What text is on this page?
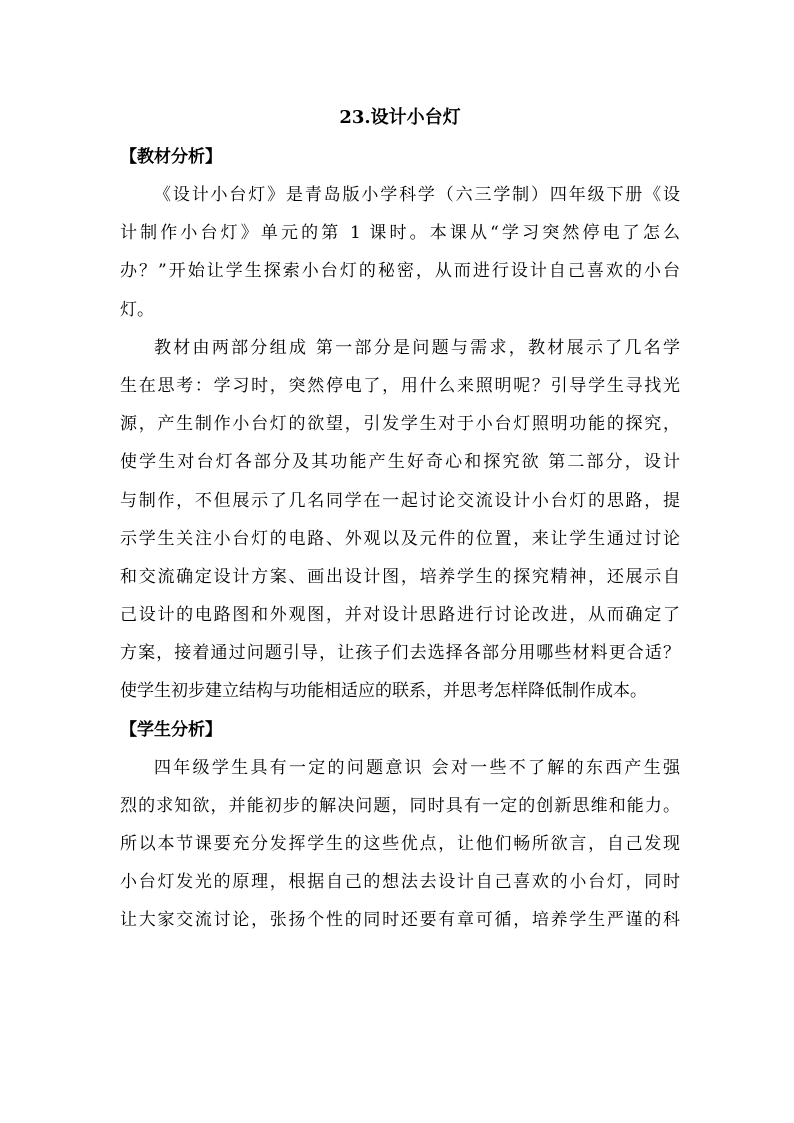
23.设计小台灯
【教材分析】
《设计小台灯》是青岛版小学科学（六三学制）四年级下册《设
计制作小台灯》单元的第 1 课时。本课从“学习突然停电了怎么
办？”开始让学生探索小台灯的秘密，从而进行设计自己喜欢的小台
灯。
教材由两部分组成 第一部分是问题与需求，教材展示了几名学
生在思考：学习时，突然停电了，用什么来照明呢？引导学生寻找光
源，产生制作小台灯的欲望，引发学生对于小台灯照明功能的探究，
使学生对台灯各部分及其功能产生好奇心和探究欲 第二部分，设计
与制作，不但展示了几名同学在一起讨论交流设计小台灯的思路，提
示学生关注小台灯的电路、外观以及元件的位置，来让学生通过讨论
和交流确定设计方案、画出设计图，培养学生的探究精神，还展示自
己设计的电路图和外观图，并对设计思路进行讨论改进，从而确定了
方案，接着通过问题引导，让孩子们去选择各部分用哪些材料更合适？
使学生初步建立结构与功能相适应的联系，并思考怎样降低制作成本。
【学生分析】
四年级学生具有一定的问题意识 会对一些不了解的东西产生强
烈的求知欲，并能初步的解决问题，同时具有一定的创新思维和能力。
所以本节课要充分发挥学生的这些优点，让他们畅所欲言，自己发现
小台灯发光的原理，根据自己的想法去设计自己喜欢的小台灯，同时
让大家交流讨论，张扬个性的同时还要有章可循，培养学生严谨的科
